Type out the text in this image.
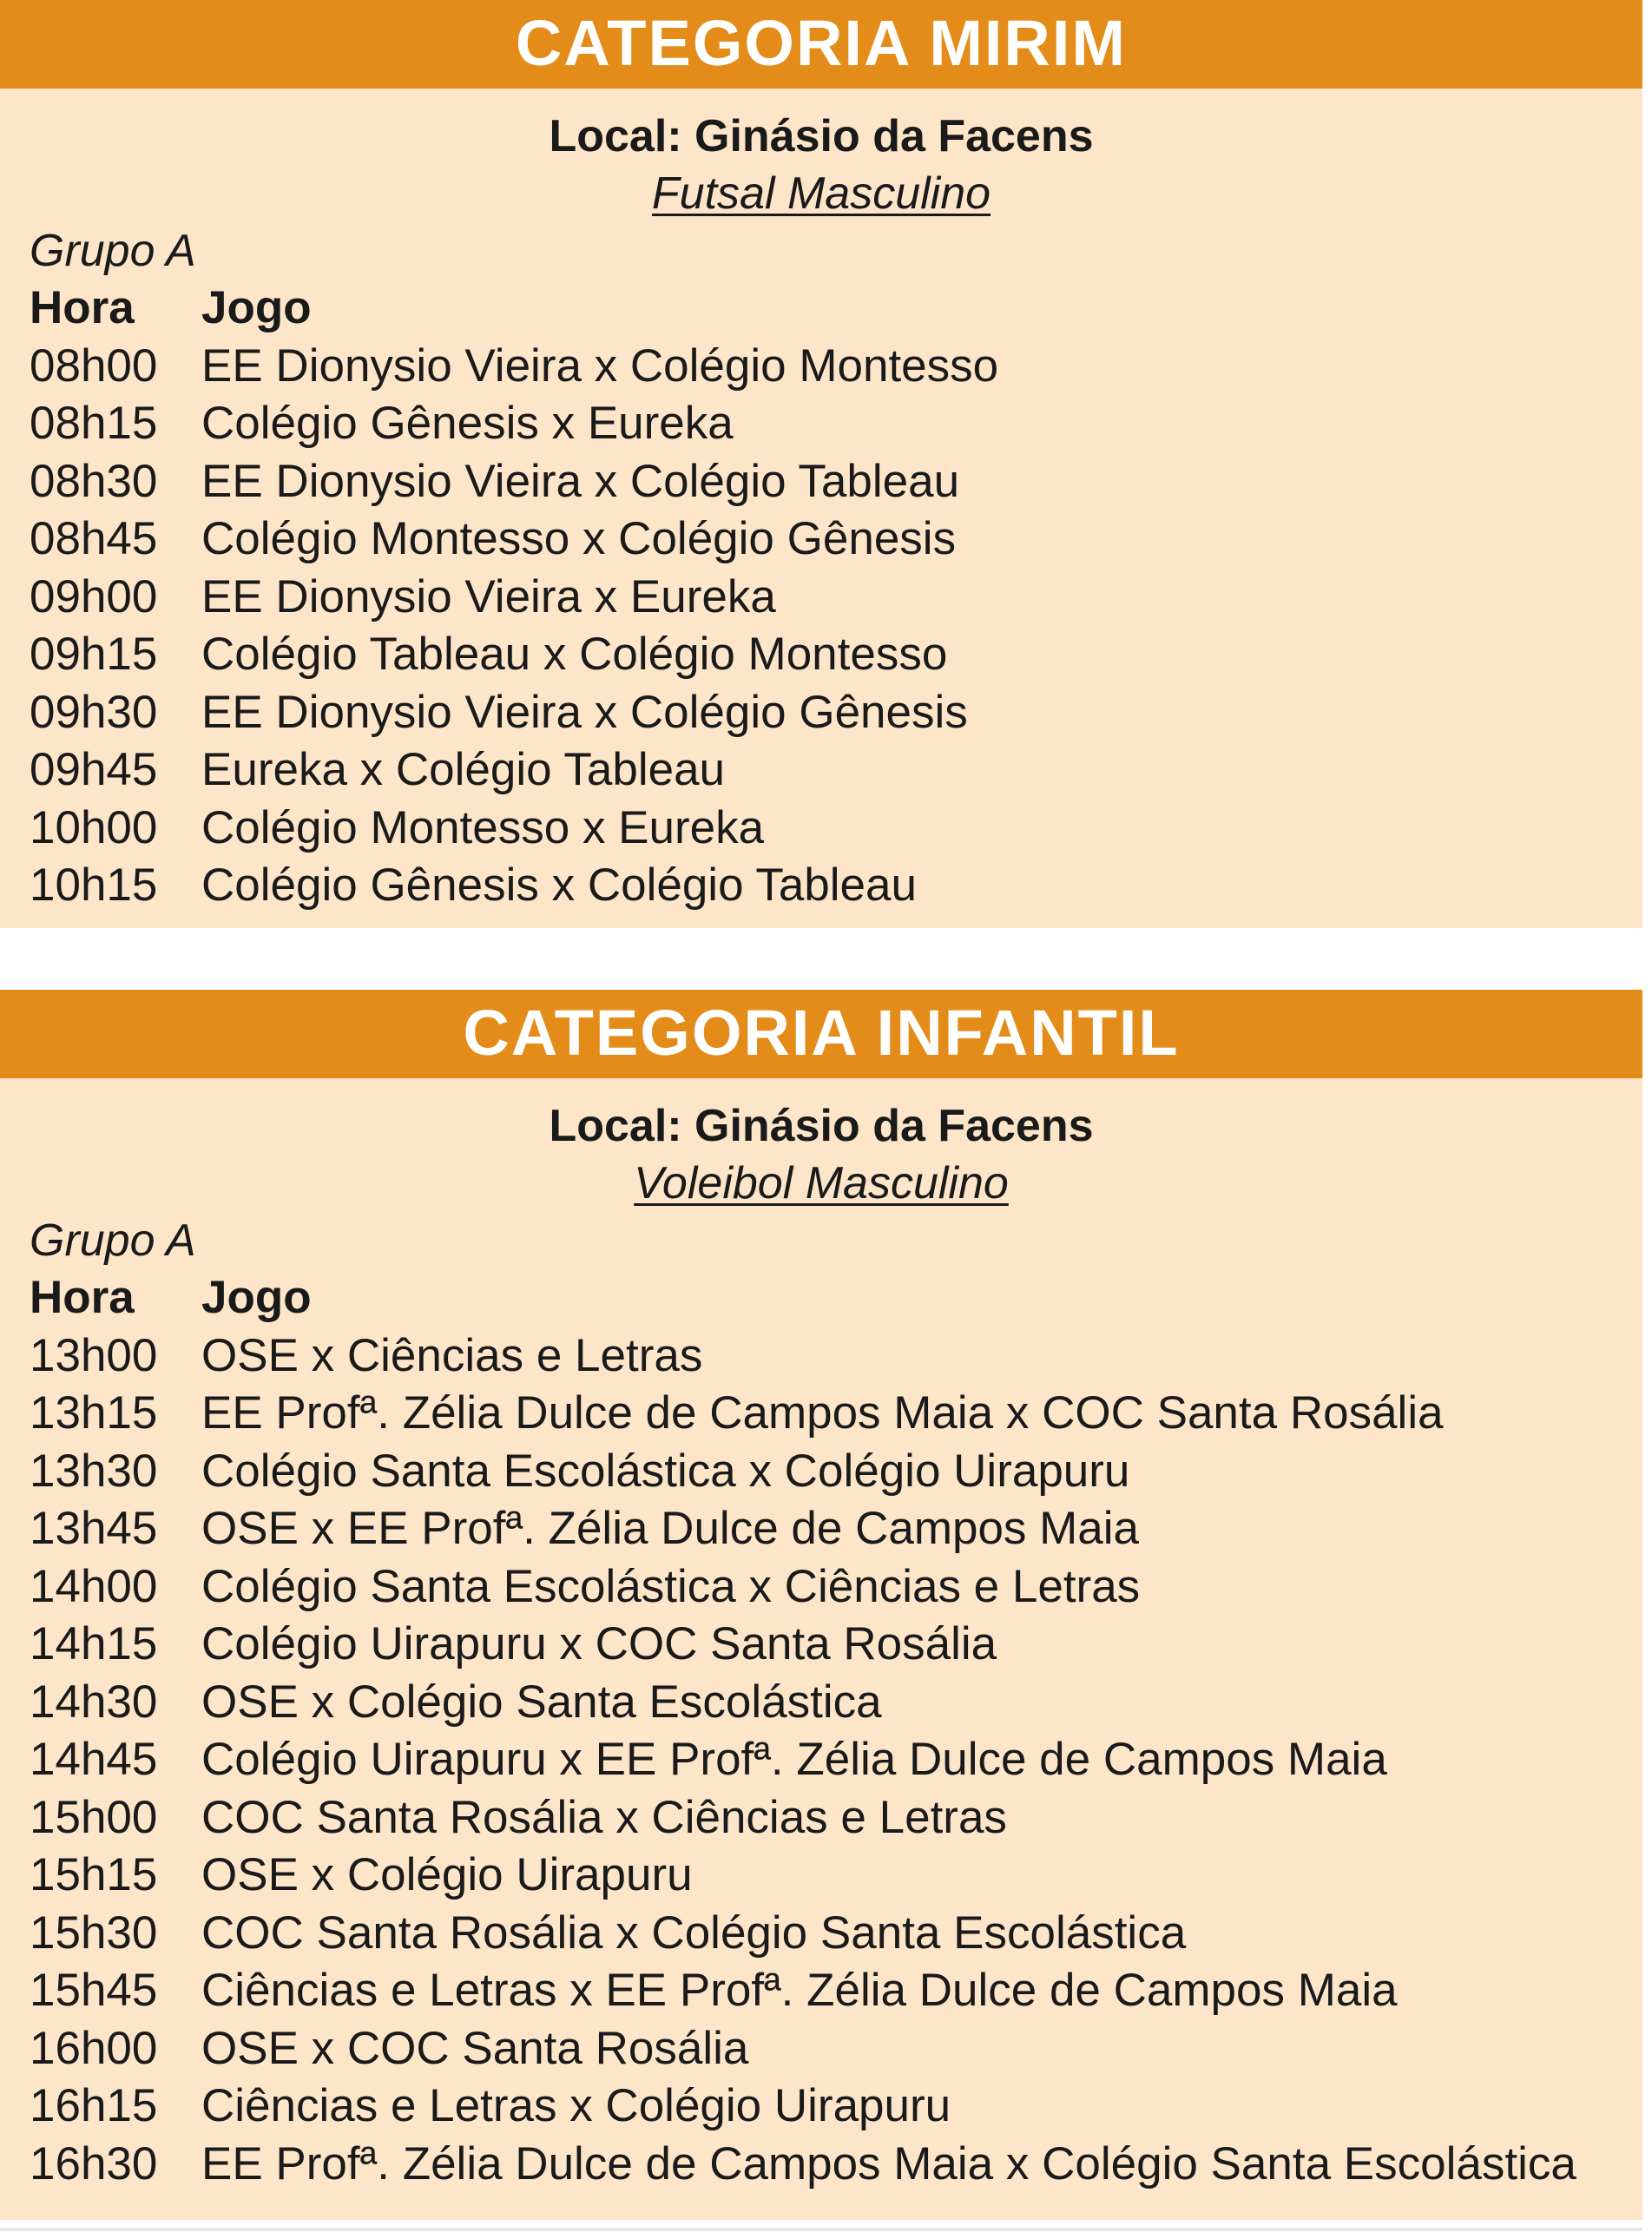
CATEGORIA MIRIM
Local: Ginásio da Facens
Futsal Masculino
Grupo A
Hora	Jogo
08h00 EE Dionysio Vieira x Colégio Montesso
08h15 Colégio Gênesis x Eureka
08h30 EE Dionysio Vieira x Colégio Tableau
08h45 Colégio Montesso x Colégio Gênesis
09h00 EE Dionysio Vieira x Eureka
09h15 Colégio Tableau x Colégio Montesso
09h30 EE Dionysio Vieira x Colégio Gênesis
09h45 Eureka x Colégio Tableau
10h00 Colégio Montesso x Eureka
10h15 Colégio Gênesis x Colégio Tableau
CATEGORIA INFANTIL
Local: Ginásio da Facens
Voleibol Masculino
Grupo A
Hora	Jogo
13h00 OSE x Ciências e Letras
13h15 EE Profª. Zélia Dulce de Campos Maia x COC Santa Rosália
13h30 Colégio Santa Escolástica x Colégio Uirapuru
13h45 OSE x EE Profª. Zélia Dulce de Campos Maia
14h00 Colégio Santa Escolástica x Ciências e Letras
14h15 Colégio Uirapuru x COC Santa Rosália
14h30 OSE x Colégio Santa Escolástica
14h45 Colégio Uirapuru x EE Profª. Zélia Dulce de Campos Maia
15h00 COC Santa Rosália x Ciências e Letras
15h15 OSE x Colégio Uirapuru
15h30 COC Santa Rosália x Colégio Santa Escolástica
15h45 Ciências e Letras x EE Profª. Zélia Dulce de Campos Maia
16h00 OSE x COC Santa Rosália
16h15 Ciências e Letras x Colégio Uirapuru
16h30 EE Profª. Zélia Dulce de Campos Maia x Colégio Santa Escolástica
